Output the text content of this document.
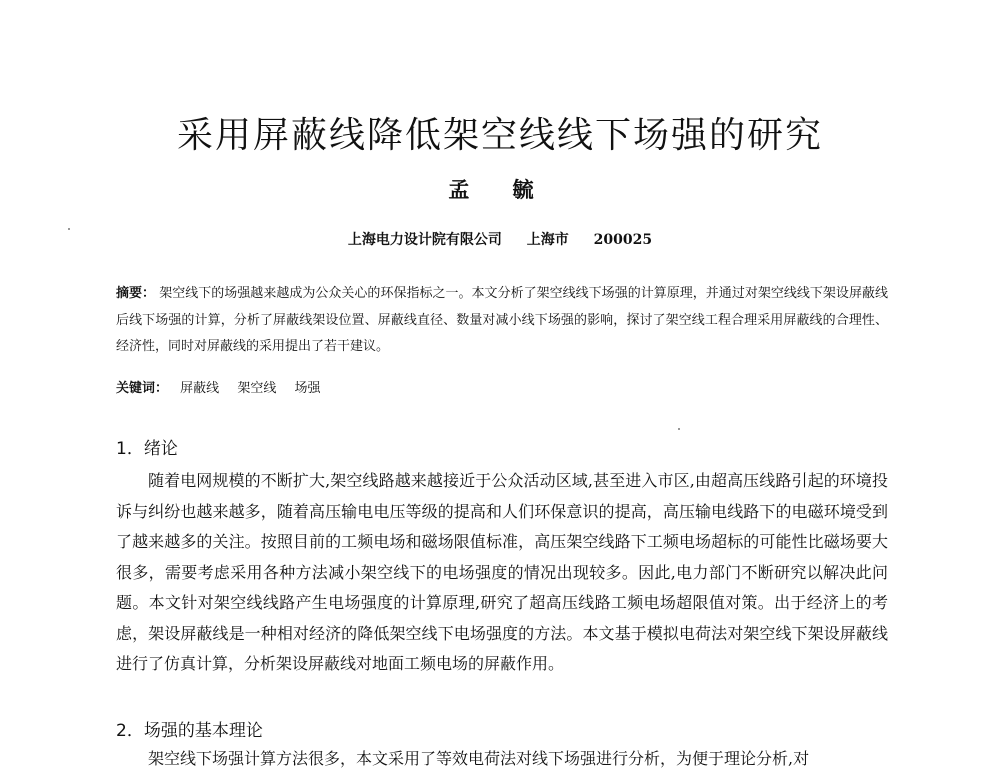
采用屏蔽线降低架空线线下场强的研究
孟 毓
上海电力设计院有限公司 上海市 200025
摘要： 架空线下的场强越来越成为公众关心的环保指标之一。本文分析了架空线线下场强的计算原理，并通过对架空线线下架设屏蔽线后线下场强的计算，分析了屏蔽线架设位置、屏蔽线直径、数量对减小线下场强的影响，探讨了架空线工程合理采用屏蔽线的合理性、经济性，同时对屏蔽线的采用提出了若干建议。
关键词： 屏蔽线 架空线 场强
1．绪论

随着电网规模的不断扩大,架空线路越来越接近于公众活动区域,甚至进入市区,由超高压线路引起的环境投诉与纠纷也越来越多，随着高压输电电压等级的提高和人们环保意识的提高，高压输电线路下的电磁环境受到了越来越多的关注。按照目前的工频电场和磁场限值标准，高压架空线路下工频电场超标的可能性比磁场要大很多，需要考虑采用各种方法减小架空线下的电场强度的情况出现较多。因此,电力部门不断研究以解决此问题。本文针对架空线线路产生电场强度的计算原理,研究了超高压线路工频电场超限值对策。出于经济上的考虑，架设屏蔽线是一种相对经济的降低架空线下电场强度的方法。本文基于模拟电荷法对架空线下架设屏蔽线进行了仿真计算，分析架设屏蔽线对地面工频电场的屏蔽作用。

2．场强的基本理论

架空线下场强计算方法很多，本文采用了等效电荷法对线下场强进行分析，为便于理论分析,对
